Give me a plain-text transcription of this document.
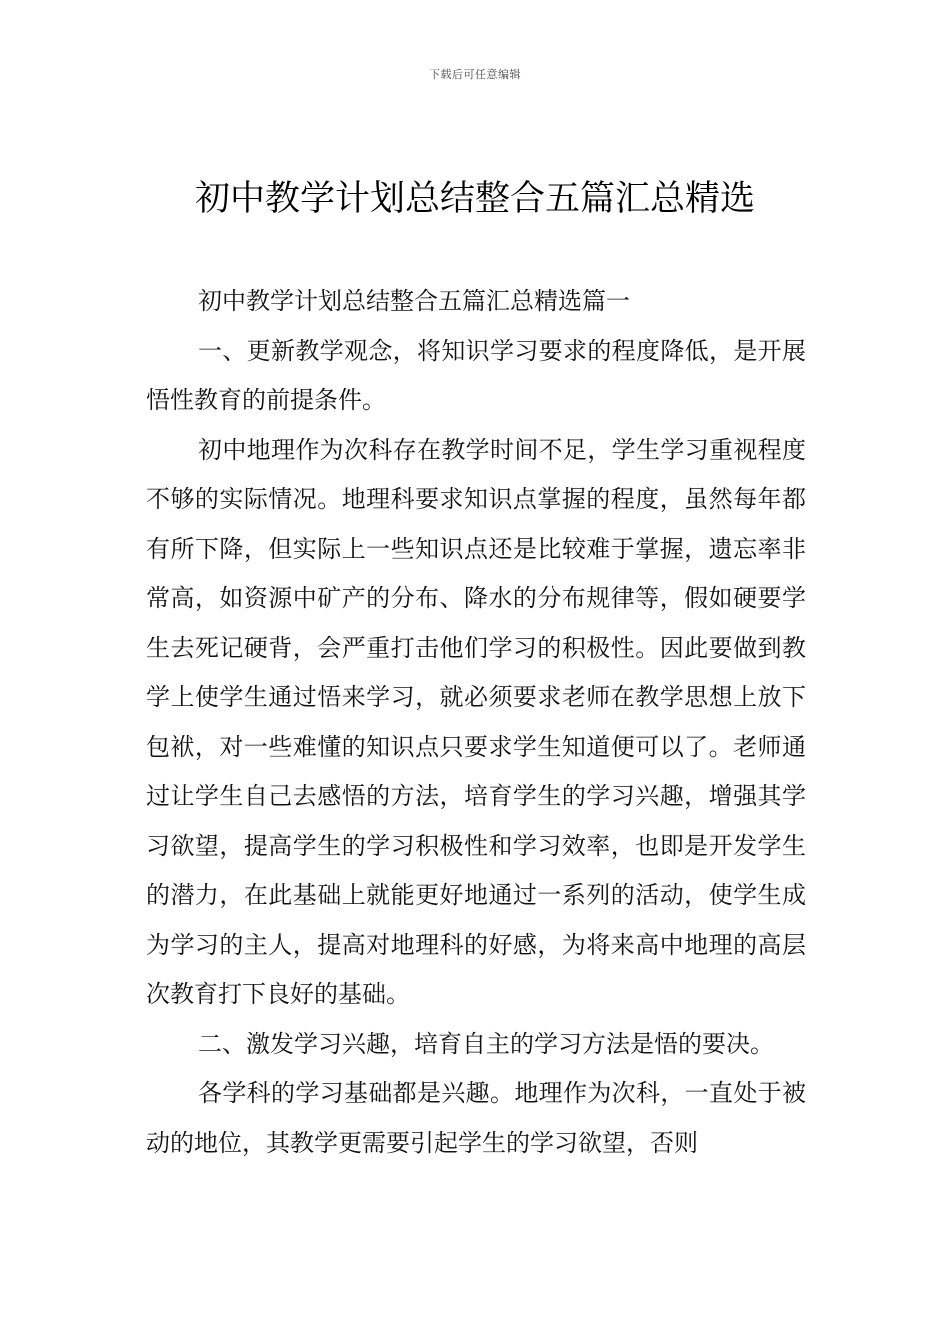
下载后可任意编辑
初中教学计划总结整合五篇汇总精选

初中教学计划总结整合五篇汇总精选篇一

一、更新教学观念，将知识学习要求的程度降低，是开展悟性教育的前提条件。

初中地理作为次科存在教学时间不足，学生学习重视程度不够的实际情况。地理科要求知识点掌握的程度，虽然每年都有所下降，但实际上一些知识点还是比较难于掌握，遗忘率非常高，如资源中矿产的分布、降水的分布规律等，假如硬要学生去死记硬背，会严重打击他们学习的积极性。因此要做到教学上使学生通过悟来学习，就必须要求老师在教学思想上放下包袱，对一些难懂的知识点只要求学生知道便可以了。老师通过让学生自己去感悟的方法，培育学生的学习兴趣，增强其学习欲望，提高学生的学习积极性和学习效率，也即是开发学生的潜力，在此基础上就能更好地通过一系列的活动，使学生成为学习的主人，提高对地理科的好感，为将来高中地理的高层次教育打下良好的基础。

二、激发学习兴趣，培育自主的学习方法是悟的要决。

各学科的学习基础都是兴趣。地理作为次科，一直处于被动的地位，其教学更需要引起学生的学习欲望，否则
